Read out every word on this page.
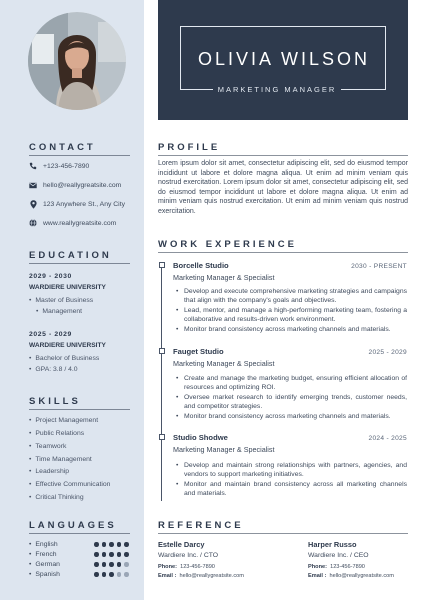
CONTACT
+123-456-7890
hello@reallygreatsite.com
123 Anywhere St., Any City
www.reallygreatsite.com
EDUCATION
2029 - 2030
WARDIERE UNIVERSITY
• Master of Business
• Management
2025 - 2029
WARDIERE UNIVERSITY
• Bachelor of Business
• GPA: 3.8 / 4.0
SKILLS
• Project Management
• Public Relations
• Teamwork
• Time Management
• Leadership
• Effective Communication
• Critical Thinking
LANGUAGES
• English
• French
• German
• Spanish
OLIVIA WILSON
MARKETING MANAGER
PROFILE
Lorem ipsum dolor sit amet, consectetur adipiscing elit, sed do eiusmod tempor incididunt ut labore et dolore magna aliqua. Ut enim ad minim veniam quis nostrud exercitation. Lorem ipsum dolor sit amet, consectetur adipiscing elit, sed do eiusmod tempor incididunt ut labore et dolore magna aliqua. Ut enim ad minim veniam quis nostrud exercitation. Ut enim ad minim veniam quis nostrud exercitation.
WORK EXPERIENCE
Borcelle Studio	2030 - PRESENT
Marketing Manager & Specialist
• Develop and execute comprehensive marketing strategies and campaigns that align with the company's goals and objectives.
• Lead, mentor, and manage a high-performing marketing team, fostering a collaborative and results-driven work environment.
• Monitor brand consistency across marketing channels and materials.
Fauget Studio	2025 - 2029
Marketing Manager & Specialist
• Create and manage the marketing budget, ensuring efficient allocation of resources and optimizing ROI.
• Oversee market research to identify emerging trends, customer needs, and competitor strategies.
• Monitor brand consistency across marketing channels and materials.
Studio Shodwe	2024 - 2025
Marketing Manager & Specialist
• Develop and maintain strong relationships with partners, agencies, and vendors to support marketing initiatives.
• Monitor and maintain brand consistency across all marketing channels and materials.
REFERENCE
Estelle Darcy
Wardiere Inc. / CTO
Phone: 123-456-7890
Email : hello@reallygreatsite.com
Harper Russo
Wardiere Inc. / CEO
Phone: 123-456-7890
Email : hello@reallygreatsite.com
